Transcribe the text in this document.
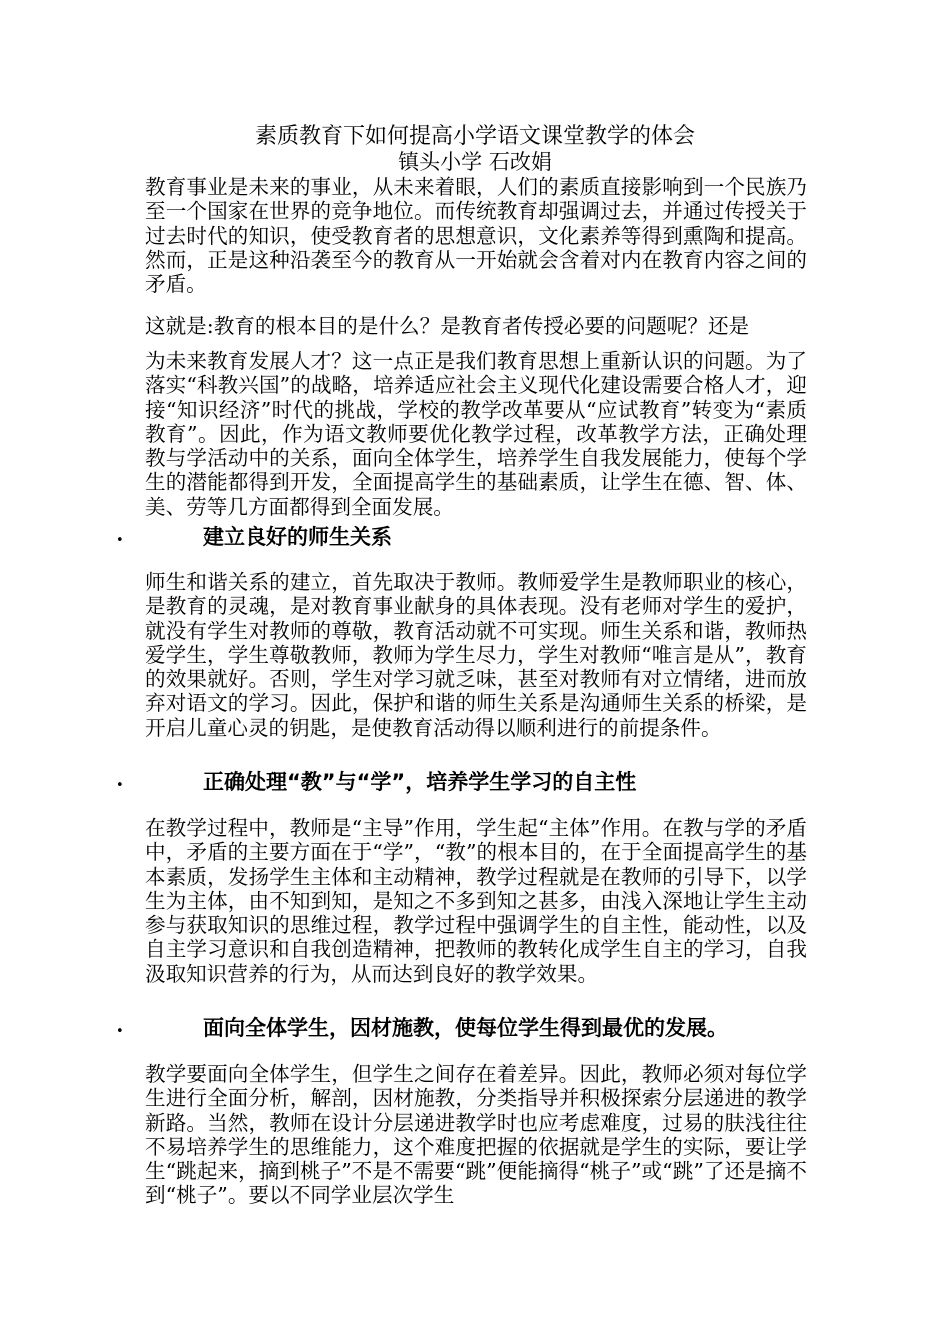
素质教育下如何提高小学语文课堂教学的体会
镇头小学 石改娟

教育事业是未来的事业，从未来着眼，人们的素质直接影响到一个民族乃至一个国家在世界的竞争地位。而传统教育却强调过去，并通过传授关于过去时代的知识，使受教育者的思想意识，文化素养等得到熏陶和提高。然而，正是这种沿袭至今的教育从一开始就会含着对内在教育内容之间的矛盾。

这就是:教育的根本目的是什么？是教育者传授必要的问题呢？还是

为未来教育发展人才？这一点正是我们教育思想上重新认识的问题。为了落实“科教兴国”的战略，培养适应社会主义现代化建设需要合格人才，迎接“知识经济”时代的挑战，学校的教学改革要从“应试教育”转变为“素质教育”。因此，作为语文教师要优化教学过程，改革教学方法，正确处理教与学活动中的关系，面向全体学生，培养学生自我发展能力，使每个学生的潜能都得到开发，全面提高学生的基础素质，让学生在德、智、体、美、劳等几方面都得到全面发展。

•	建立良好的师生关系

师生和谐关系的建立，首先取决于教师。教师爱学生是教师职业的核心，是教育的灵魂，是对教育事业献身的具体表现。没有老师对学生的爱护，就没有学生对教师的尊敬，教育活动就不可实现。师生关系和谐，教师热爱学生，学生尊敬教师，教师为学生尽力，学生对教师“唯言是从”，教育的效果就好。否则，学生对学习就乏味，甚至对教师有对立情绪，进而放弃对语文的学习。因此，保护和谐的师生关系是沟通师生关系的桥梁，是开启儿童心灵的钥匙，是使教育活动得以顺利进行的前提条件。

•	正确处理“教”与“学”，培养学生学习的自主性

在教学过程中，教师是“主导”作用，学生起“主体”作用。在教与学的矛盾中，矛盾的主要方面在于“学”，“教”的根本目的，在于全面提高学生的基本素质，发扬学生主体和主动精神，教学过程就是在教师的引导下，以学生为主体，由不知到知，是知之不多到知之甚多，由浅入深地让学生主动参与获取知识的思维过程，教学过程中强调学生的自主性，能动性，以及自主学习意识和自我创造精神，把教师的教转化成学生自主的学习，自我汲取知识营养的行为，从而达到良好的教学效果。

•	面向全体学生，因材施教，使每位学生得到最优的发展。

教学要面向全体学生，但学生之间存在着差异。因此，教师必须对每位学生进行全面分析，解剖，因材施教，分类指导并积极探索分层递进的教学新路。当然，教师在设计分层递进教学时也应考虑难度，过易的肤浅往往不易培养学生的思维能力，这个难度把握的依据就是学生的实际，要让学生“跳起来，摘到桃子”不是不需要“跳”便能摘得“桃子”或“跳”了还是摘不到“桃子”。要以不同学业层次学生
